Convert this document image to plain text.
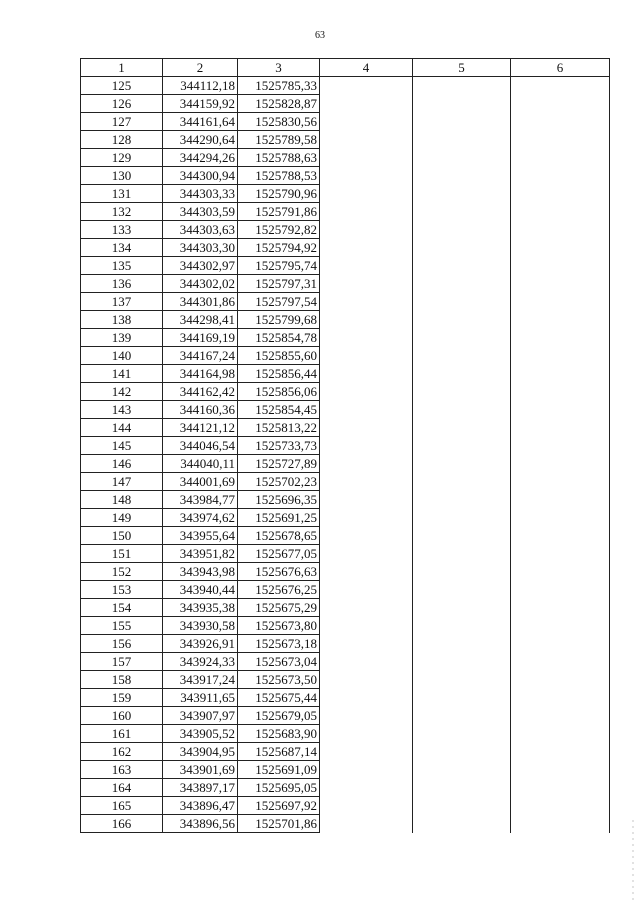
63
1	2	3	4	5	6
125	344112,18	1525785,33			
126	344159,92	1525828,87			
127	344161,64	1525830,56			
128	344290,64	1525789,58			
129	344294,26	1525788,63			
130	344300,94	1525788,53			
131	344303,33	1525790,96			
132	344303,59	1525791,86			
133	344303,63	1525792,82			
134	344303,30	1525794,92			
135	344302,97	1525795,74			
136	344302,02	1525797,31			
137	344301,86	1525797,54			
138	344298,41	1525799,68			
139	344169,19	1525854,78			
140	344167,24	1525855,60			
141	344164,98	1525856,44			
142	344162,42	1525856,06			
143	344160,36	1525854,45			
144	344121,12	1525813,22			
145	344046,54	1525733,73			
146	344040,11	1525727,89			
147	344001,69	1525702,23			
148	343984,77	1525696,35			
149	343974,62	1525691,25			
150	343955,64	1525678,65			
151	343951,82	1525677,05			
152	343943,98	1525676,63			
153	343940,44	1525676,25			
154	343935,38	1525675,29			
155	343930,58	1525673,80			
156	343926,91	1525673,18			
157	343924,33	1525673,04			
158	343917,24	1525673,50			
159	343911,65	1525675,44			
160	343907,97	1525679,05			
161	343905,52	1525683,90			
162	343904,95	1525687,14			
163	343901,69	1525691,09			
164	343897,17	1525695,05			
165	343896,47	1525697,92			
166	343896,56	1525701,86			
